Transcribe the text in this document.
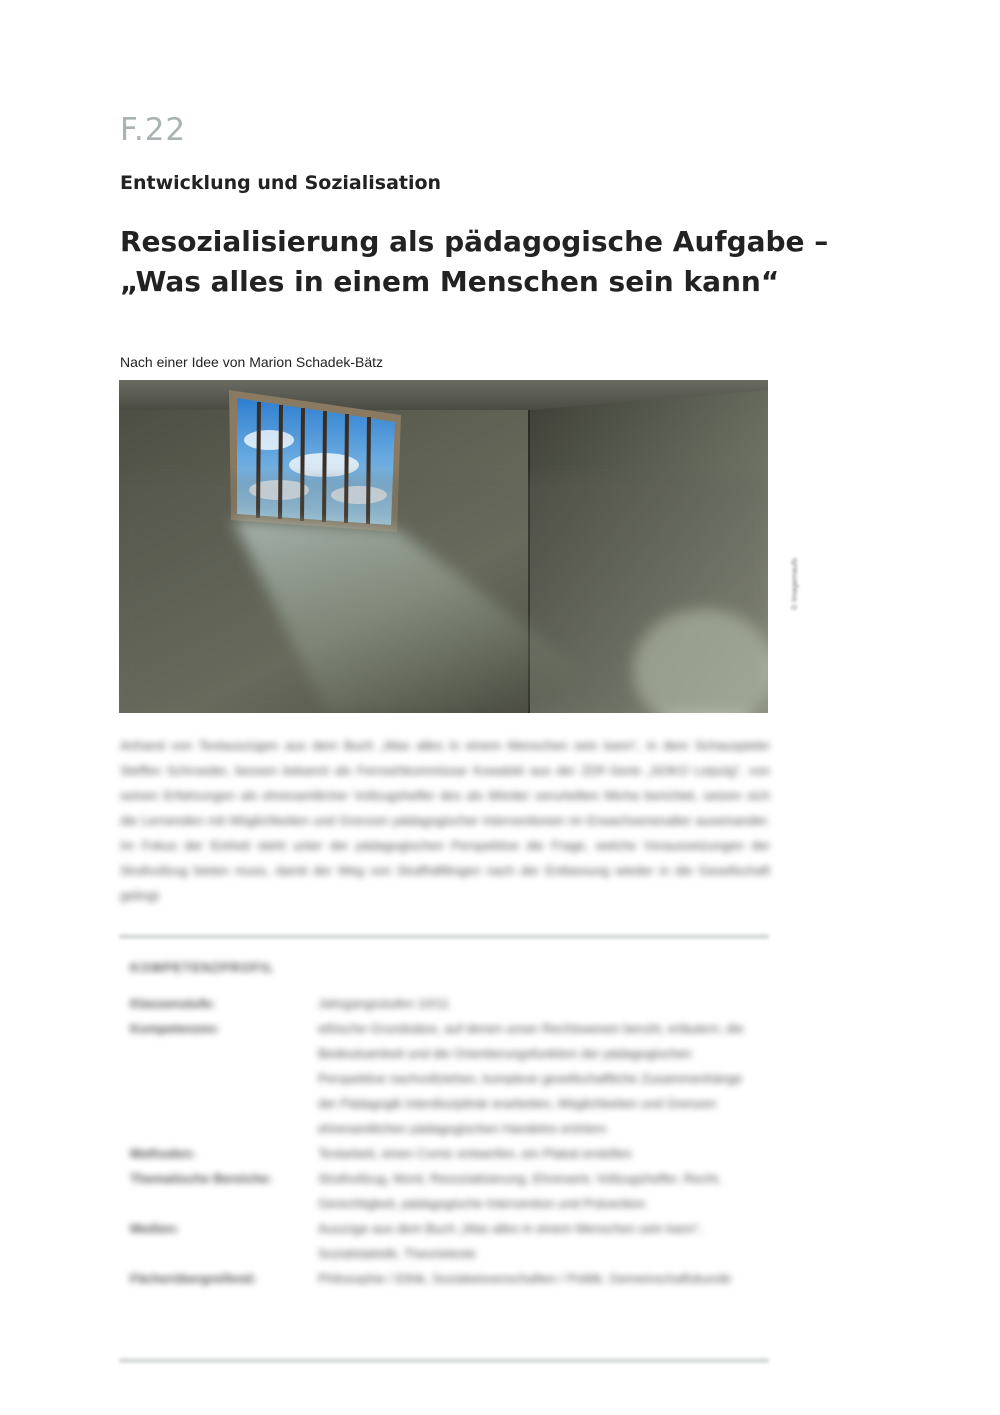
F.22
Entwicklung und Sozialisation
Resozialisierung als pädagogische Aufgabe –
„Was alles in einem Menschen sein kann“
Nach einer Idee von Marion Schadek-Bätz
© Imagemaufs
Anhand von Textauszügen aus dem Buch „Was alles in einem Menschen sein kann“, in dem Schauspieler Steffen Schroeder, bessen bekannt als Fernsehkommissar Kowalski aus der ZDF-Serie „SOKO Leipzig“, von seinen Erfahrungen als ehrenamtlicher Vollzugshelfer des als Mörder verurteilten Micha berichtet, setzen sich die Lernenden mit Möglichkeiten und Grenzen pädagogischer Interventionen im Erwachsenenalter auseinander. Im Fokus der Einheit steht unter der pädagogischen Perspektive die Frage, welche Voraussetzungen der Strafvollzug bieten muss, damit der Weg von Strafhäftlingen nach der Entlassung wieder in die Gesellschaft gelingt.
KOMPETENZPROFIL
Klassenstufe:	Jahrgangsstufen 10/11
Kompetenzen:	ethische Grundsätze, auf denen unser Rechtswesen beruht, erläutern, die Bedeutsamkeit und die Orientierungsfunktion der pädagogischen Perspektive nachvollziehen, komplexe gesellschaftliche Zusammenhänge der Pädagogik interdisziplinär erarbeiten, Möglichkeiten und Grenzen ehrenamtlichen pädagogischen Handelns erörtern
Methoden:	Textarbeit, einen Comic entwerfen, ein Plakat erstellen
Thematische Bereiche:	Strafvollzug, Mord, Resozialisierung, Ehrenamt, Vollzugshelfer, Recht, Gerechtigkeit, pädagogische Intervention und Prävention
Medien:	Auszüge aus dem Buch „Was alles in einem Menschen sein kann“, Sozialstatistik, Theorietexte
Fächerübergreifend:	Philosophie / Ethik, Sozialwissenschaften / Politik, Gemeinschaftskunde
